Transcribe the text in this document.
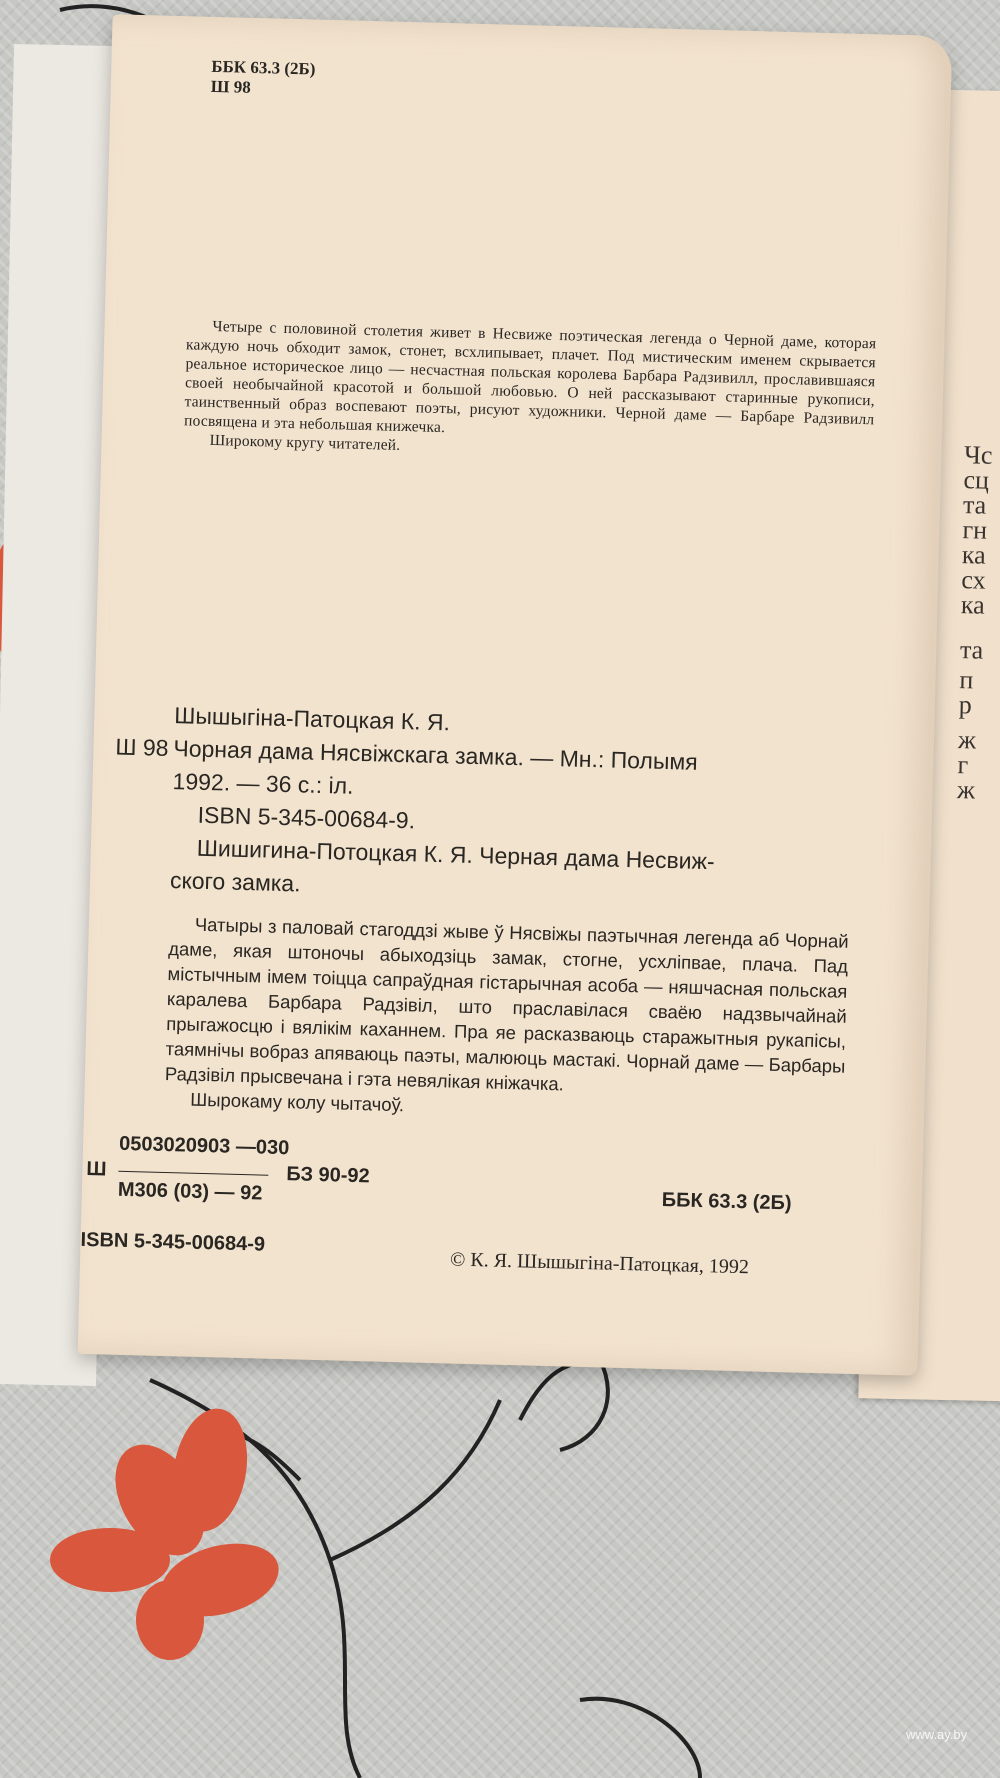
Чс
сц
та
гн
ка
сх
ка
та
п
р
ж
г
ж
ББК 63.3 (2Б)
Ш 98

Четыре с половиной столетия живет в Несвиже поэтическая легенда о Черной даме, которая каждую ночь обходит замок, стонет, всхлипывает, плачет. Под мистическим именем скрывается реальное историческое лицо — несчастная польская королева Барбара Радзивилл, прославившаяся своей необычайной красотой и большой любовью. О ней рассказывают старинные рукописи, таинственный образ воспевают поэты, рисуют художники. Черной даме — Барбаре Радзивилл посвящена и эта небольшая книжечка.

Широкому кругу читателей.

Шышыгіна-Патоцкая К. Я.
Ш 98 Чорная дама Нясвіжскага замка. — Мн.: Полымя
1992. — 36 с.: іл.
ISBN 5-345-00684-9.
Шишигина-Потоцкая К. Я. Черная дама Несвиж-
ского замка.

Чатыры з паловай стагоддзі жыве ў Нясвіжы паэтычная легенда аб Чорнай даме, якая штоночы абыходзіць замак, стогне, усхліпвае, плача. Пад містычным імем тоіцца сапраўдная гістарычная асоба — няшчасная польская каралева Барбара Радзівіл, што праславілася сваёю надзвычайнай прыгажосцю і вялікім каханнем. Пра яе расказваюць старажытныя рукапісы, таямнічы вобраз апяваюць паэты, малююць мастакі. Чорнай даме — Барбары Радзівіл прысвечана і гэта невялікая кніжачка.

Шырокаму колу чытачоў.

0503020903 —030
Ш
М306 (03) — 92
БЗ 90-92
ББК 63.3 (2Б)
ISBN 5-345-00684-9
© К. Я. Шышыгіна-Патоцкая, 1992
www.ay.by
